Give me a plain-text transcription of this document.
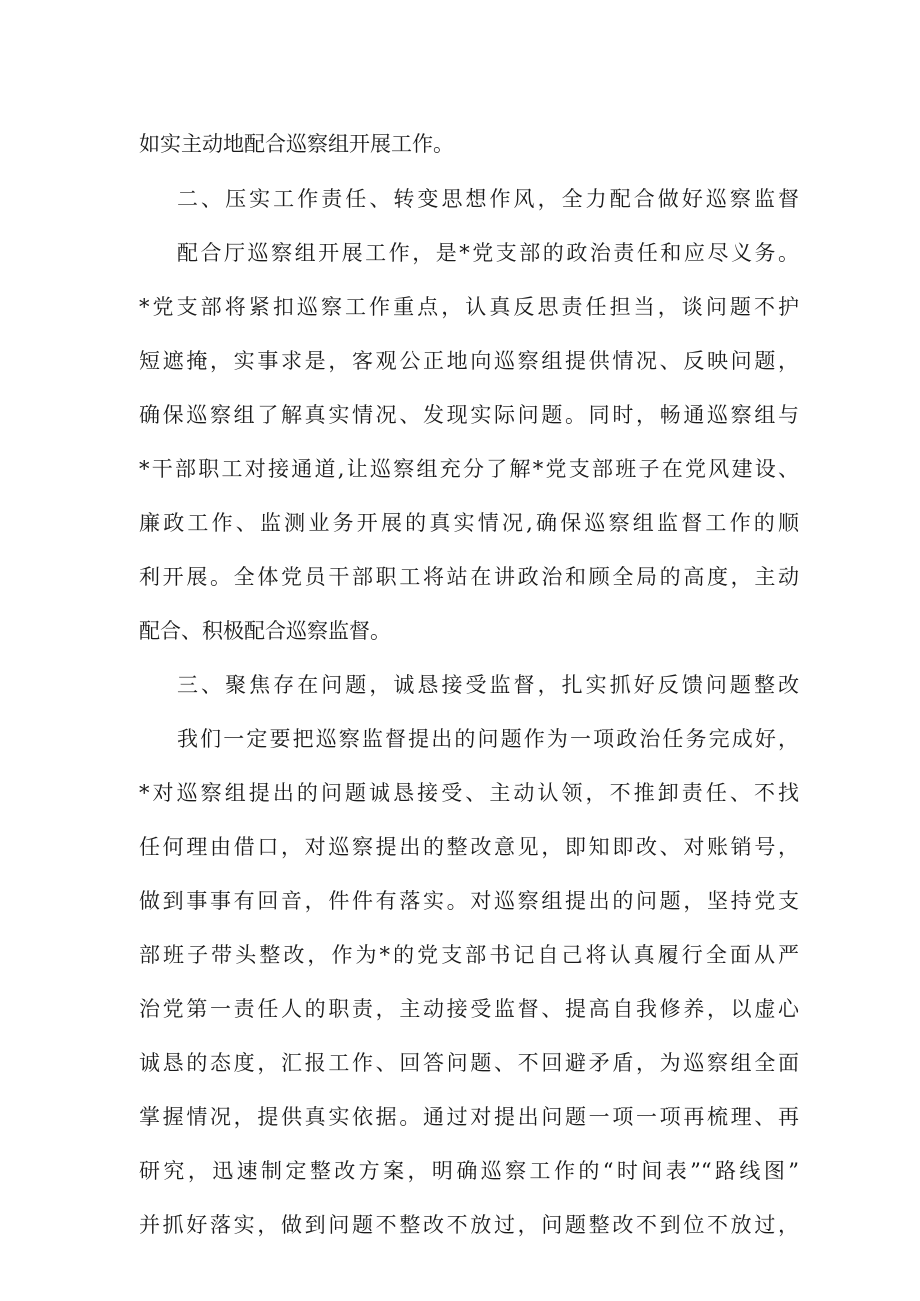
如实主动地配合巡察组开展工作。
二、压实工作责任、转变思想作风，全力配合做好巡察监督
配合厅巡察组开展工作，是*党支部的政治责任和应尽义务。
*党支部将紧扣巡察工作重点，认真反思责任担当，谈问题不护
短遮掩，实事求是，客观公正地向巡察组提供情况、反映问题，
确保巡察组了解真实情况、发现实际问题。同时，畅通巡察组与
*干部职工对接通道,让巡察组充分了解*党支部班子在党风建设、
廉政工作、监测业务开展的真实情况,确保巡察组监督工作的顺
利开展。全体党员干部职工将站在讲政治和顾全局的高度，主动
配合、积极配合巡察监督。
三、聚焦存在问题，诚恳接受监督，扎实抓好反馈问题整改
我们一定要把巡察监督提出的问题作为一项政治任务完成好，
*对巡察组提出的问题诚恳接受、主动认领，不推卸责任、不找
任何理由借口，对巡察提出的整改意见，即知即改、对账销号，
做到事事有回音，件件有落实。对巡察组提出的问题，坚持党支
部班子带头整改，作为*的党支部书记自己将认真履行全面从严
治党第一责任人的职责，主动接受监督、提高自我修养，以虚心
诚恳的态度，汇报工作、回答问题、不回避矛盾，为巡察组全面
掌握情况，提供真实依据。通过对提出问题一项一项再梳理、再
研究，迅速制定整改方案，明确巡察工作的“时间表”“路线图”
并抓好落实，做到问题不整改不放过，问题整改不到位不放过，
